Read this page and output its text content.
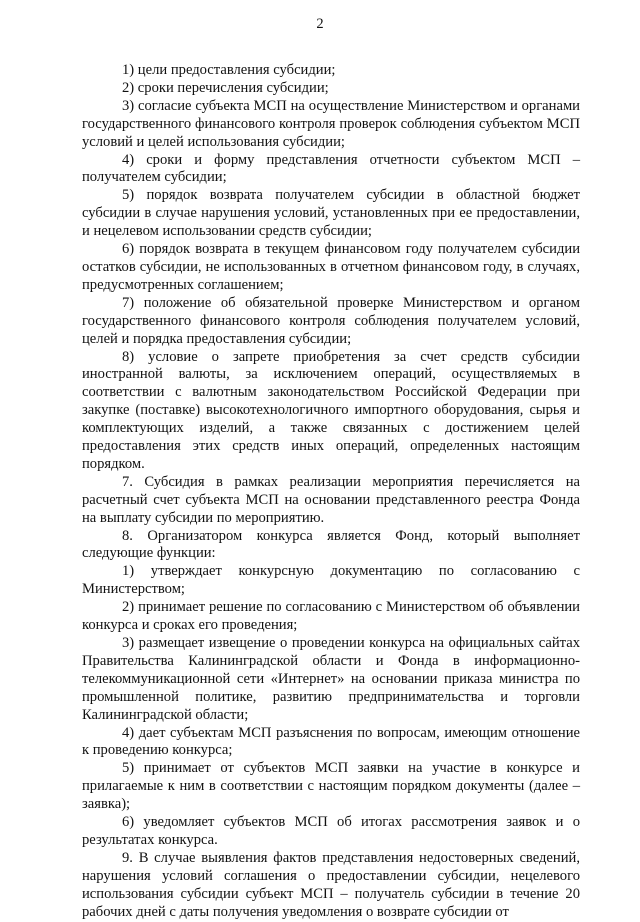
2

1) цели предоставления субсидии;

2) сроки перечисления субсидии;

3) согласие субъекта МСП на осуществление Министерством и органами государственного финансового контроля проверок соблюдения субъектом МСП условий и целей использования субсидии;

4) сроки и форму представления отчетности субъектом МСП – получателем субсидии;

5) порядок возврата получателем субсидии в областной бюджет субсидии в случае нарушения условий, установленных при ее предоставлении, и нецелевом использовании средств субсидии;

6) порядок возврата в текущем финансовом году получателем субсидии остатков субсидии, не использованных в отчетном финансовом году, в случаях, предусмотренных соглашением;

7) положение об обязательной проверке Министерством и органом государственного финансового контроля соблюдения получателем условий, целей и порядка предоставления субсидии;

8) условие о запрете приобретения за счет средств субсидии иностранной валюты, за исключением операций, осуществляемых в соответствии с валютным законодательством Российской Федерации при закупке (поставке) высокотехнологичного импортного оборудования, сырья и комплектующих изделий, а также связанных с достижением целей предоставления этих средств иных операций, определенных настоящим порядком.

7. Субсидия в рамках реализации мероприятия перечисляется на расчетный счет субъекта МСП на основании представленного реестра Фонда на выплату субсидии по мероприятию.

8. Организатором конкурса является Фонд, который выполняет следующие функции:

1) утверждает конкурсную документацию по согласованию с Министерством;

2) принимает решение по согласованию с Министерством об объявлении конкурса и сроках его проведения;

3) размещает извещение о проведении конкурса на официальных сайтах Правительства Калининградской области и Фонда в информационно-телекоммуникационной сети «Интернет» на основании приказа министра по промышленной политике, развитию предпринимательства и торговли Калининградской области;

4) дает субъектам МСП разъяснения по вопросам, имеющим отношение к проведению конкурса;

5) принимает от субъектов МСП заявки на участие в конкурсе и прилагаемые к ним в соответствии с настоящим порядком документы (далее – заявка);

6) уведомляет субъектов МСП об итогах рассмотрения заявок и о результатах конкурса.

9. В случае выявления фактов представления недостоверных сведений, нарушения условий соглашения о предоставлении субсидии, нецелевого использования субсидии субъект МСП – получатель субсидии в течение 20 рабочих дней с даты получения уведомления о возврате субсидии от
